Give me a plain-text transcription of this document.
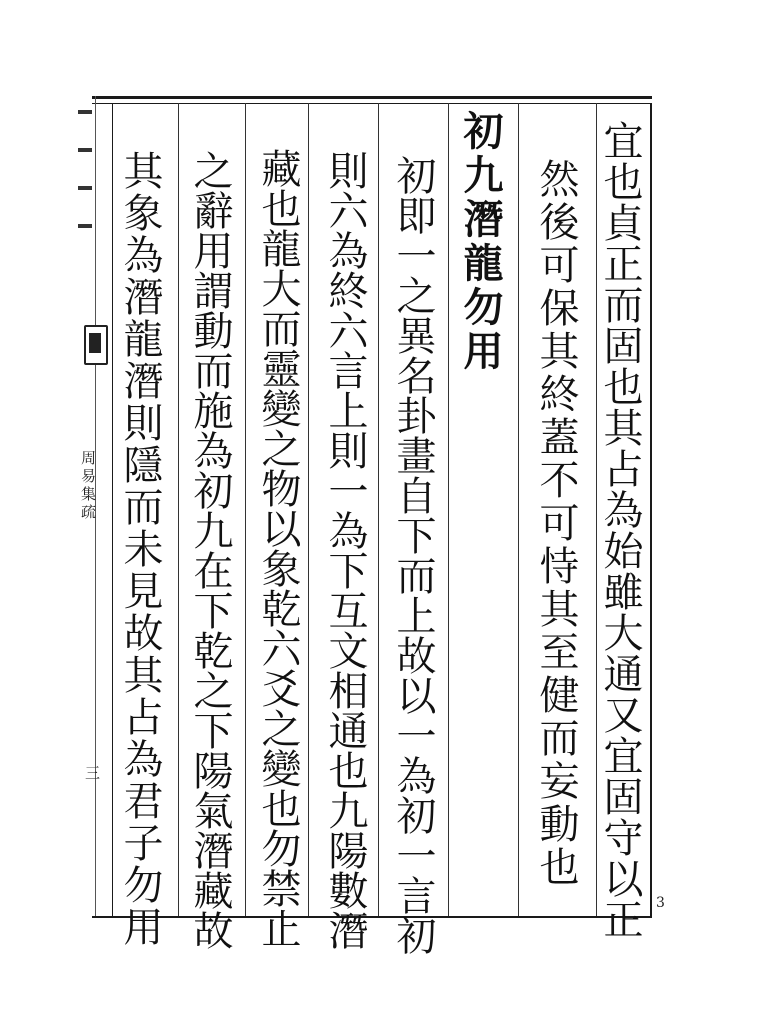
宜也貞正而固也其占為始雖大通又宜固守以正
然後可保其終蓋不可恃其至健而妄動也
初九潛龍勿用
初即一之異名卦畫自下而上故以一為初一言初
則六為終六言上則一為下互文相通也九陽數潛
藏也龍大而靈變之物以象乾六爻之變也勿禁止
之辭用謂動而施為初九在下乾之下陽氣潛藏故
其象為潛龍潛則隱而未見故其占為君子勿用
周易集疏
三
3
